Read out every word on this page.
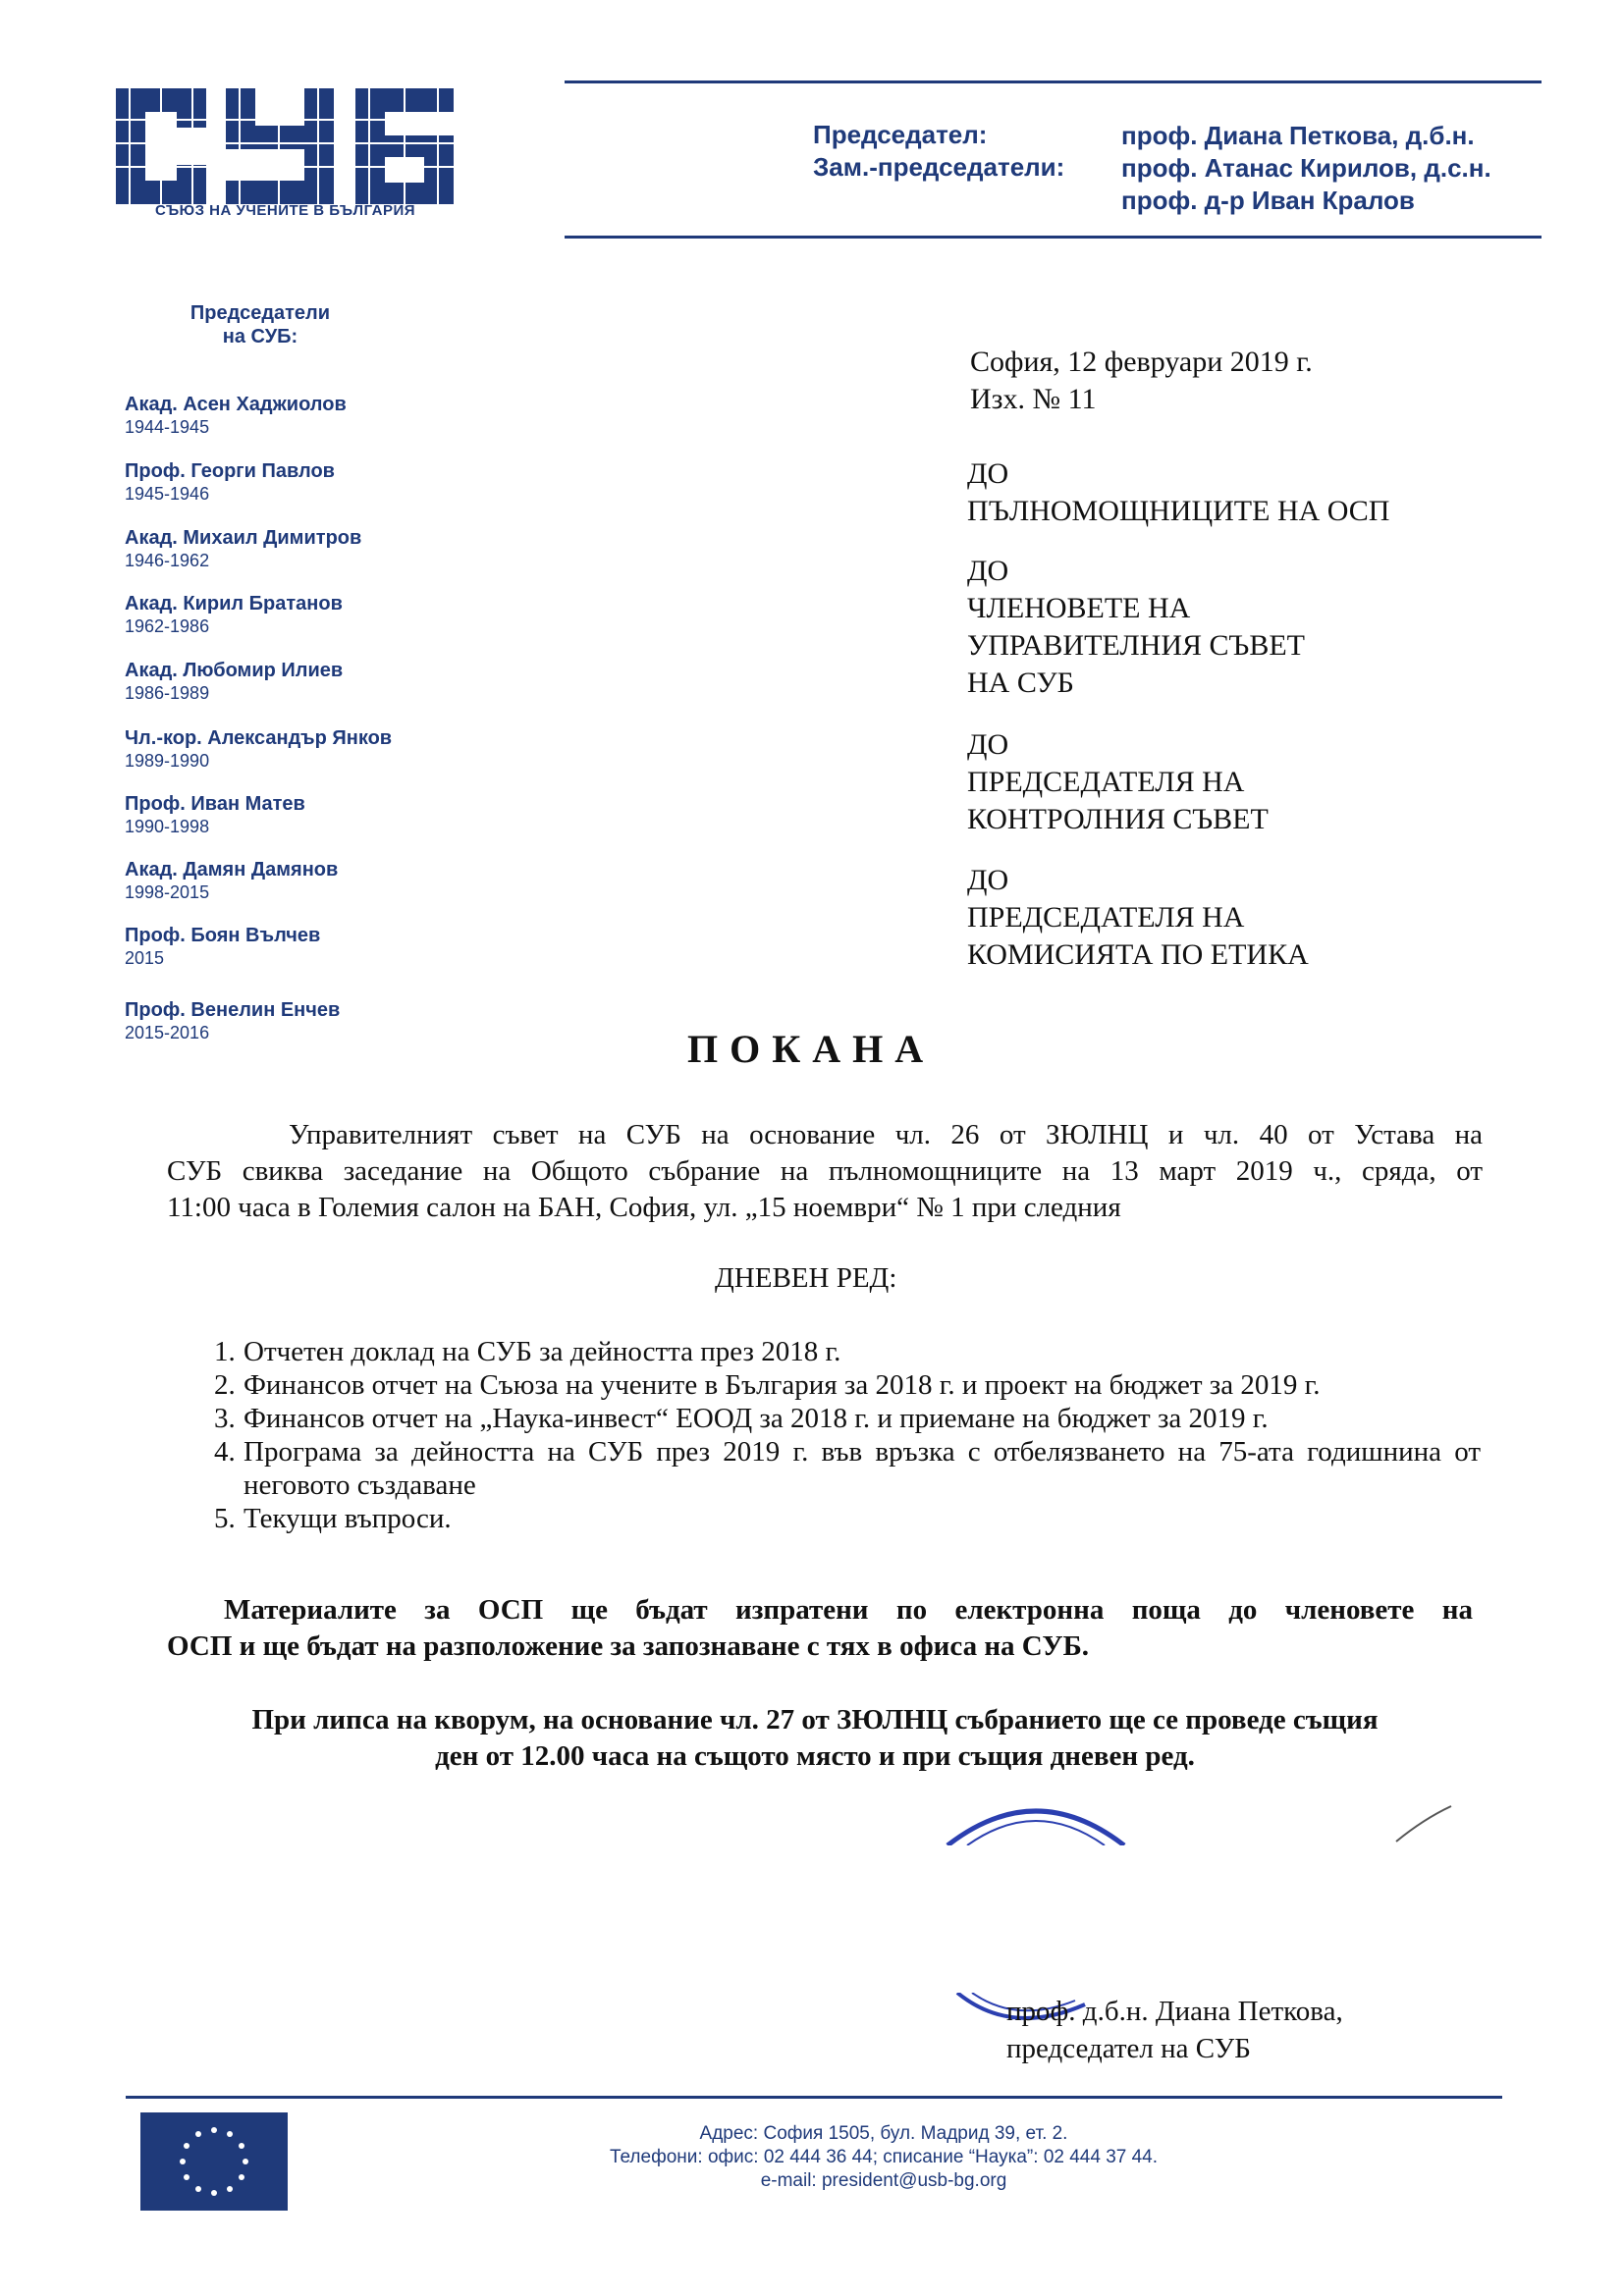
СЪЮЗ НА УЧЕНИТЕ В БЪЛГАРИЯ
Председател:
Зам.-председатели:
проф. Диана Петкова, д.б.н.
проф. Атанас Кирилов, д.с.н.
проф. д-р Иван Кралов
Председатели
на СУБ:
Акад. Асен Хаджиолов
1944-1945
Проф. Георги Павлов
1945-1946
Акад. Михаил Димитров
1946-1962
Акад. Кирил Братанов
1962-1986
Акад. Любомир Илиев
1986-1989
Чл.-кор. Александър Янков
1989-1990
Проф. Иван Матев
1990-1998
Акад. Дамян Дамянов
1998-2015
Проф. Боян Вълчев
2015
Проф. Венелин Енчев
2015-2016
София, 12 февруари 2019 г.
Изх. № 11
ДО
ПЪЛНОМОЩНИЦИТЕ НА ОСП
ДО
ЧЛЕНОВЕТЕ НА
УПРАВИТЕЛНИЯ СЪВЕТ
НА СУБ
ДО
ПРЕДСЕДАТЕЛЯ НА
КОНТРОЛНИЯ СЪВЕТ
ДО
ПРЕДСЕДАТЕЛЯ НА
КОМИСИЯТА ПО ЕТИКА
ПОКАНА
Управителният съвет на СУБ на основание чл. 26 от ЗЮЛНЦ и чл. 40 от Устава на
СУБ свиква заседание на Общото събрание на пълномощниците на 13 март 2019 ч., сряда, от
11:00 часа в Големия салон на БАН, София, ул. „15 ноември“ № 1 при следния
ДНЕВЕН РЕД:
1. Отчетен доклад на СУБ за дейността през 2018 г.
2. Финансов отчет на Съюза на учените в България за 2018 г. и проект на бюджет за 2019 г.
3. Финансов отчет на „Наука-инвест“ ЕООД за 2018 г. и приемане на бюджет за 2019 г.
4. Програма за дейността на СУБ през 2019 г. във връзка с отбелязването на 75-ата годишнина от неговото създаване
5. Текущи въпроси.
Материалите за ОСП ще бъдат изпратени по електронна поща до членовете на
ОСП и ще бъдат на разположение за запознаване с тях в офиса на СУБ.
При липса на кворум, на основание чл. 27 от ЗЮЛНЦ събранието ще се проведе същия
ден от 12.00 часа на същото място и при същия дневен ред.
проф. д.б.н. Диана Петкова,
председател на СУБ
Адрес: София 1505, бул. Мадрид 39, ет. 2.
Телефони: офис: 02 444 36 44; списание “Наука”: 02 444 37 44.
e-mail: president@usb-bg.org
